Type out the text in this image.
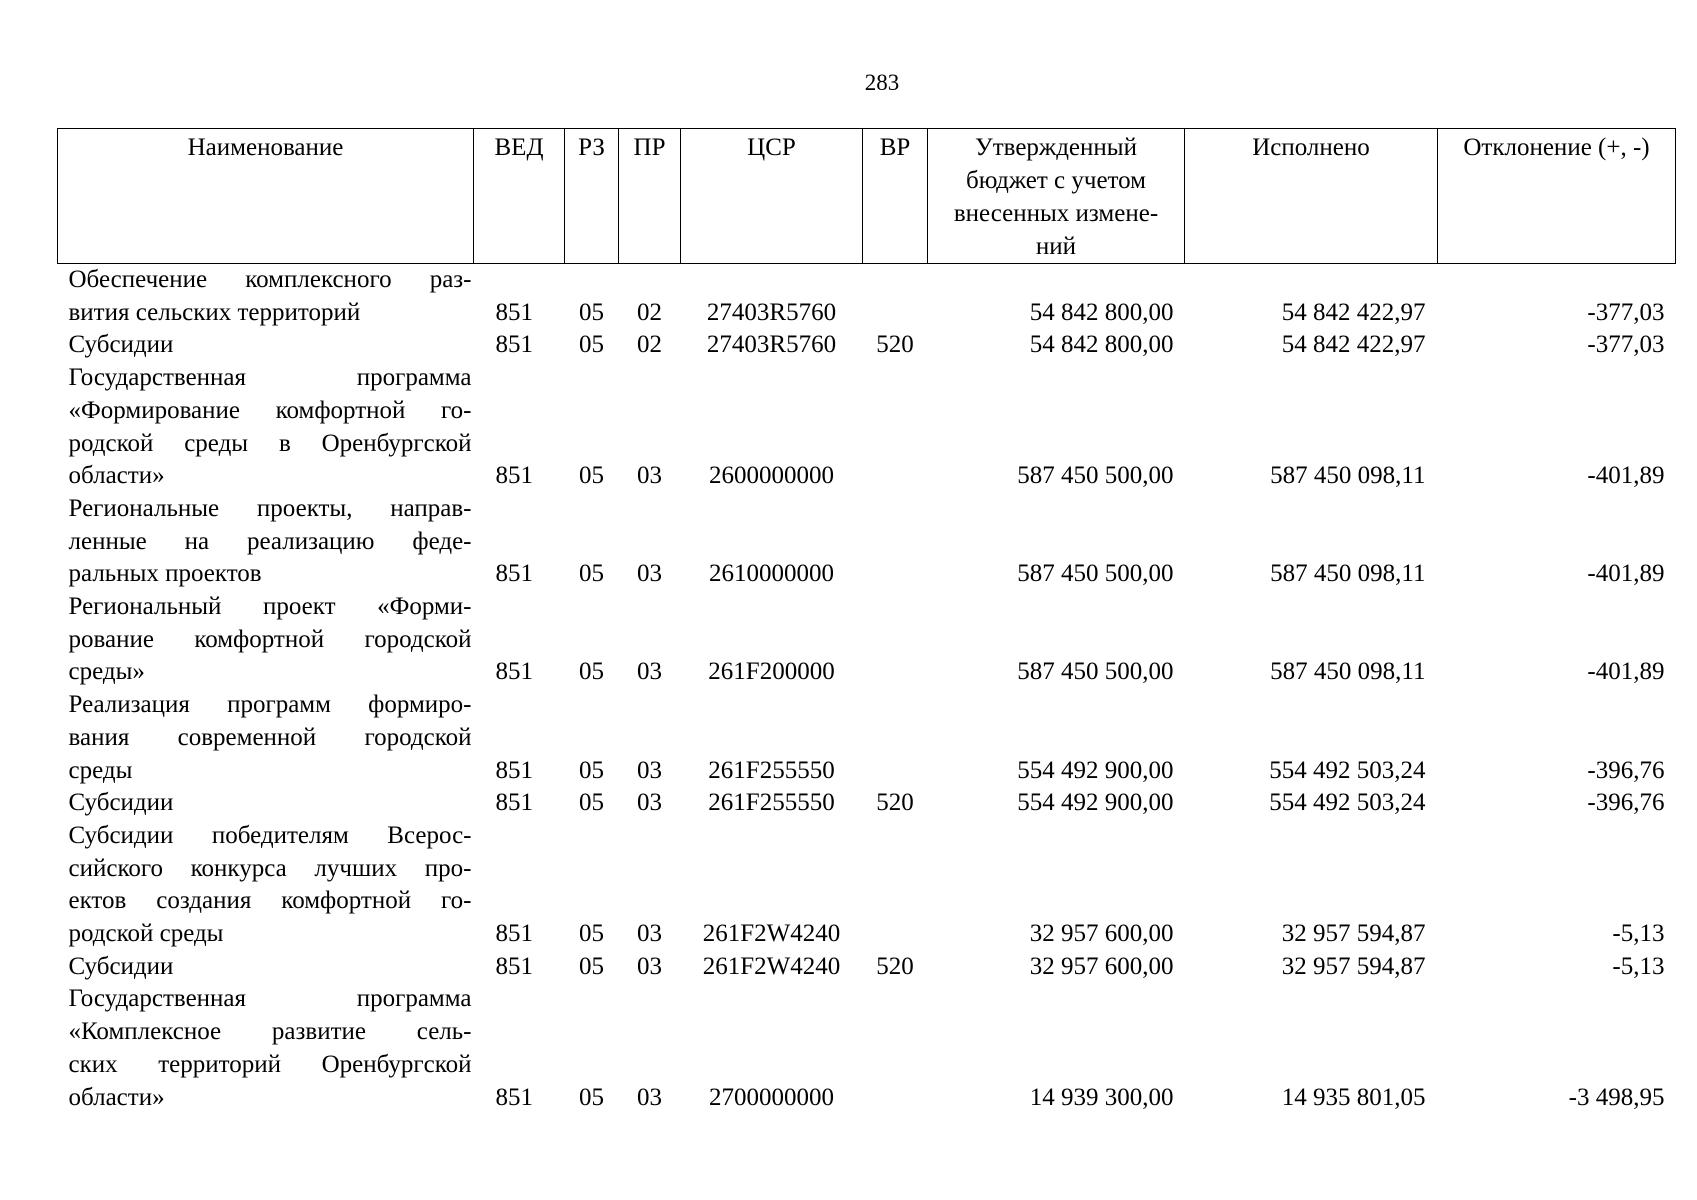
283
Наименование	ВЕД	РЗ	ПР	ЦСР	ВР	Утвержденный бюджет с учетом внесенных измене-ний	Исполнено	Отклонение (+, -)

Обеспечение комплексного раз-
вития сельских территорий	851	05	02	27403R5760		54 842 800,00	54 842 422,97	-377,03

Субсидии	851	05	02	27403R5760	520	54 842 800,00	54 842 422,97	-377,03

Государственная программа
«Формирование комфортной го-
родской среды в Оренбургской
области»	851	05	03	2600000000		587 450 500,00	587 450 098,11	-401,89

Региональные проекты, направ-
ленные на реализацию феде-
ральных проектов	851	05	03	2610000000		587 450 500,00	587 450 098,11	-401,89

Региональный проект «Форми-
рование комфортной городской
среды»	851	05	03	261F200000		587 450 500,00	587 450 098,11	-401,89

Реализация программ формиро-
вания современной городской
среды	851	05	03	261F255550		554 492 900,00	554 492 503,24	-396,76

Субсидии	851	05	03	261F255550	520	554 492 900,00	554 492 503,24	-396,76

Субсидии победителям Всерос-
сийского конкурса лучших про-
ектов создания комфортной го-
родской среды	851	05	03	261F2W4240		32 957 600,00	32 957 594,87	-5,13

Субсидии	851	05	03	261F2W4240	520	32 957 600,00	32 957 594,87	-5,13

Государственная программа
«Комплексное развитие сель-
ских территорий Оренбургской
области»	851	05	03	2700000000		14 939 300,00	14 935 801,05	-3 498,95
